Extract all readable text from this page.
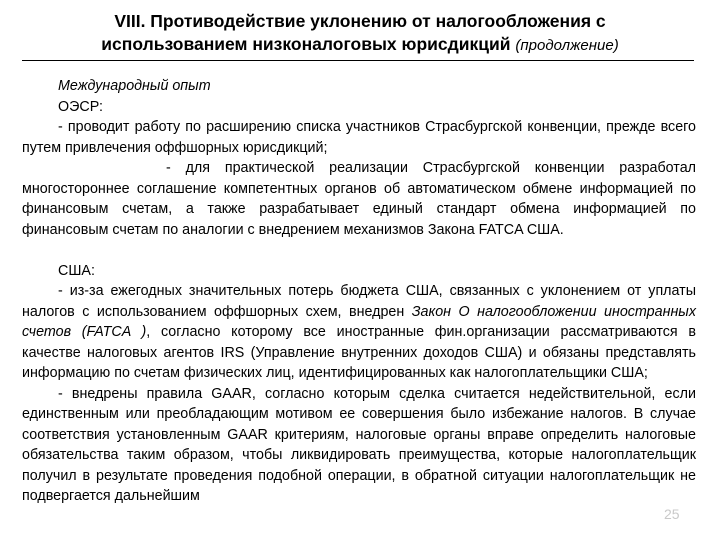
VIII. Противодействие уклонению от налогообложения с
использованием низконалоговых юрисдикций (продолжение)

Международный опыт

ОЭСР:

- проводит работу по расширению списка участников Страсбургской конвенции, прежде всего путем привлечения оффшорных юрисдикций;

- для практической реализации Страсбургской конвенции разработал многостороннее соглашение компетентных органов об автоматическом обмене информацией по финансовым счетам, а также разрабатывает единый стандарт обмена информацией по финансовым счетам по аналогии с внедрением механизмов Закона FATCA США.

США:

- из-за ежегодных значительных потерь бюджета США, связанных с уклонением от уплаты налогов с использованием оффшорных схем, внедрен Закон О налогообложении иностранных счетов (FATCA ), согласно которому все иностранные фин.организации рассматриваются в качестве налоговых агентов IRS (Управление внутренних доходов США) и обязаны представлять информацию по счетам физических лиц, идентифицированных как налогоплательщики США;

- внедрены правила GAAR, согласно которым сделка считается недействительной, если единственным или преобладающим мотивом ее совершения было избежание налогов. В случае соответствия установленным GAAR критериям, налоговые органы вправе определить налоговые обязательства таким образом, чтобы ликвидировать преимущества, которые налогоплательщик получил в результате проведения подобной операции, в обратной ситуации налогоплательщик не подвергается дальнейшим

25
